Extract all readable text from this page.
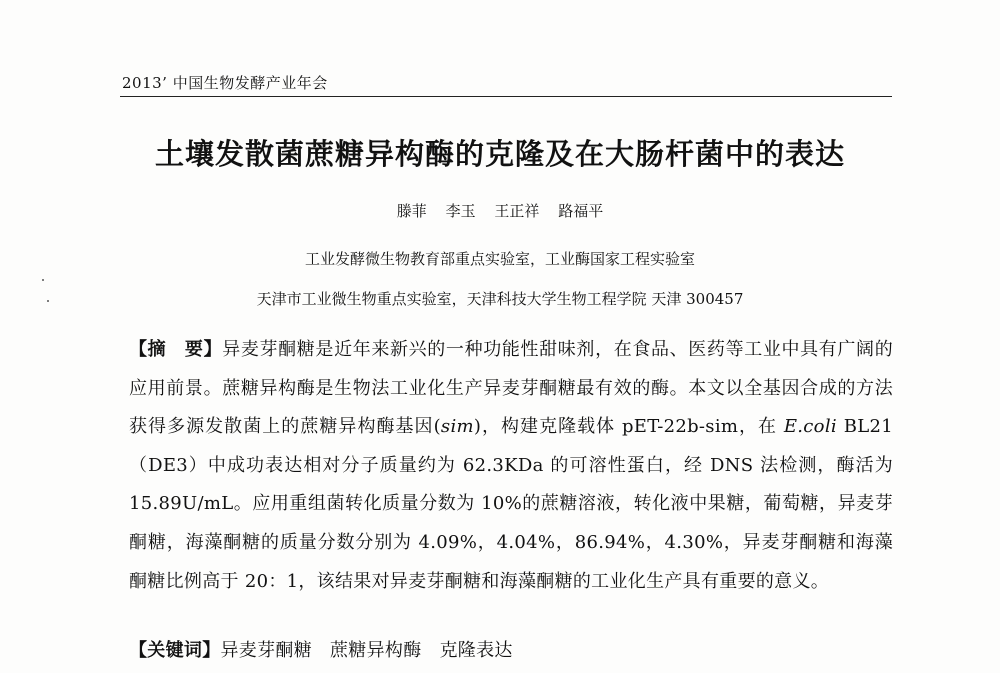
2013’ 中国生物发酵产业年会
土壤发散菌蔗糖异构酶的克隆及在大肠杆菌中的表达
滕菲 李玉 王正祥 路福平
工业发酵微生物教育部重点实验室，工业酶国家工程实验室
天津市工业微生物重点实验室，天津科技大学生物工程学院 天津 300457
【摘　要】异麦芽酮糖是近年来新兴的一种功能性甜味剂，在食品、医药等工业中具有广阔的应用前景。蔗糖异构酶是生物法工业化生产异麦芽酮糖最有效的酶。本文以全基因合成的方法获得多源发散菌上的蔗糖异构酶基因(sim)，构建克隆载体 pET-22b-sim，在 E.coli BL21（DE3）中成功表达相对分子质量约为 62.3KDa 的可溶性蛋白，经 DNS 法检测，酶活为 15.89U/mL。应用重组菌转化质量分数为 10%的蔗糖溶液，转化液中果糖，葡萄糖，异麦芽酮糖，海藻酮糖的质量分数分别为 4.09%，4.04%，86.94%，4.30%，异麦芽酮糖和海藻酮糖比例高于 20：1，该结果对异麦芽酮糖和海藻酮糖的工业化生产具有重要的意义。
【关键词】异麦芽酮糖 蔗糖异构酶 克隆表达
